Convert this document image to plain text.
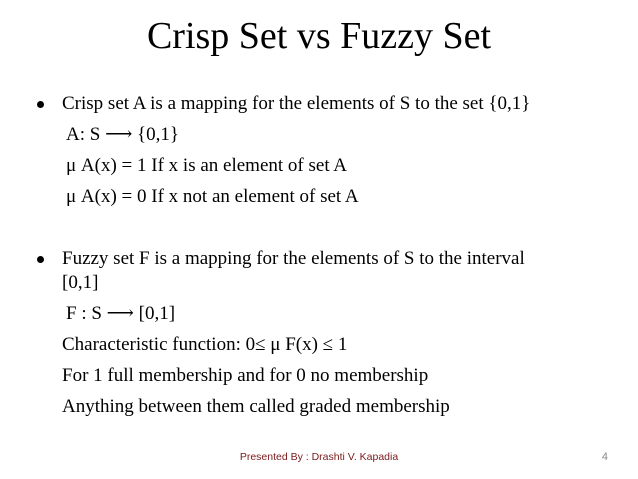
Crisp Set vs Fuzzy Set
Crisp set A is a mapping for the elements of S to the set {0,1}
A: S ⟶ {0,1}
μ A(x) = 1 If x is an element of set A
μ A(x) = 0 If x not an element of set A
Fuzzy set F is a mapping for the elements of S to the interval
[0,1]
F : S ⟶ [0,1]
Characteristic function: 0≤ μ F(x) ≤ 1
For 1 full membership and for 0 no membership
Anything between them called graded membership
Presented By : Drashti V. Kapadia	4
